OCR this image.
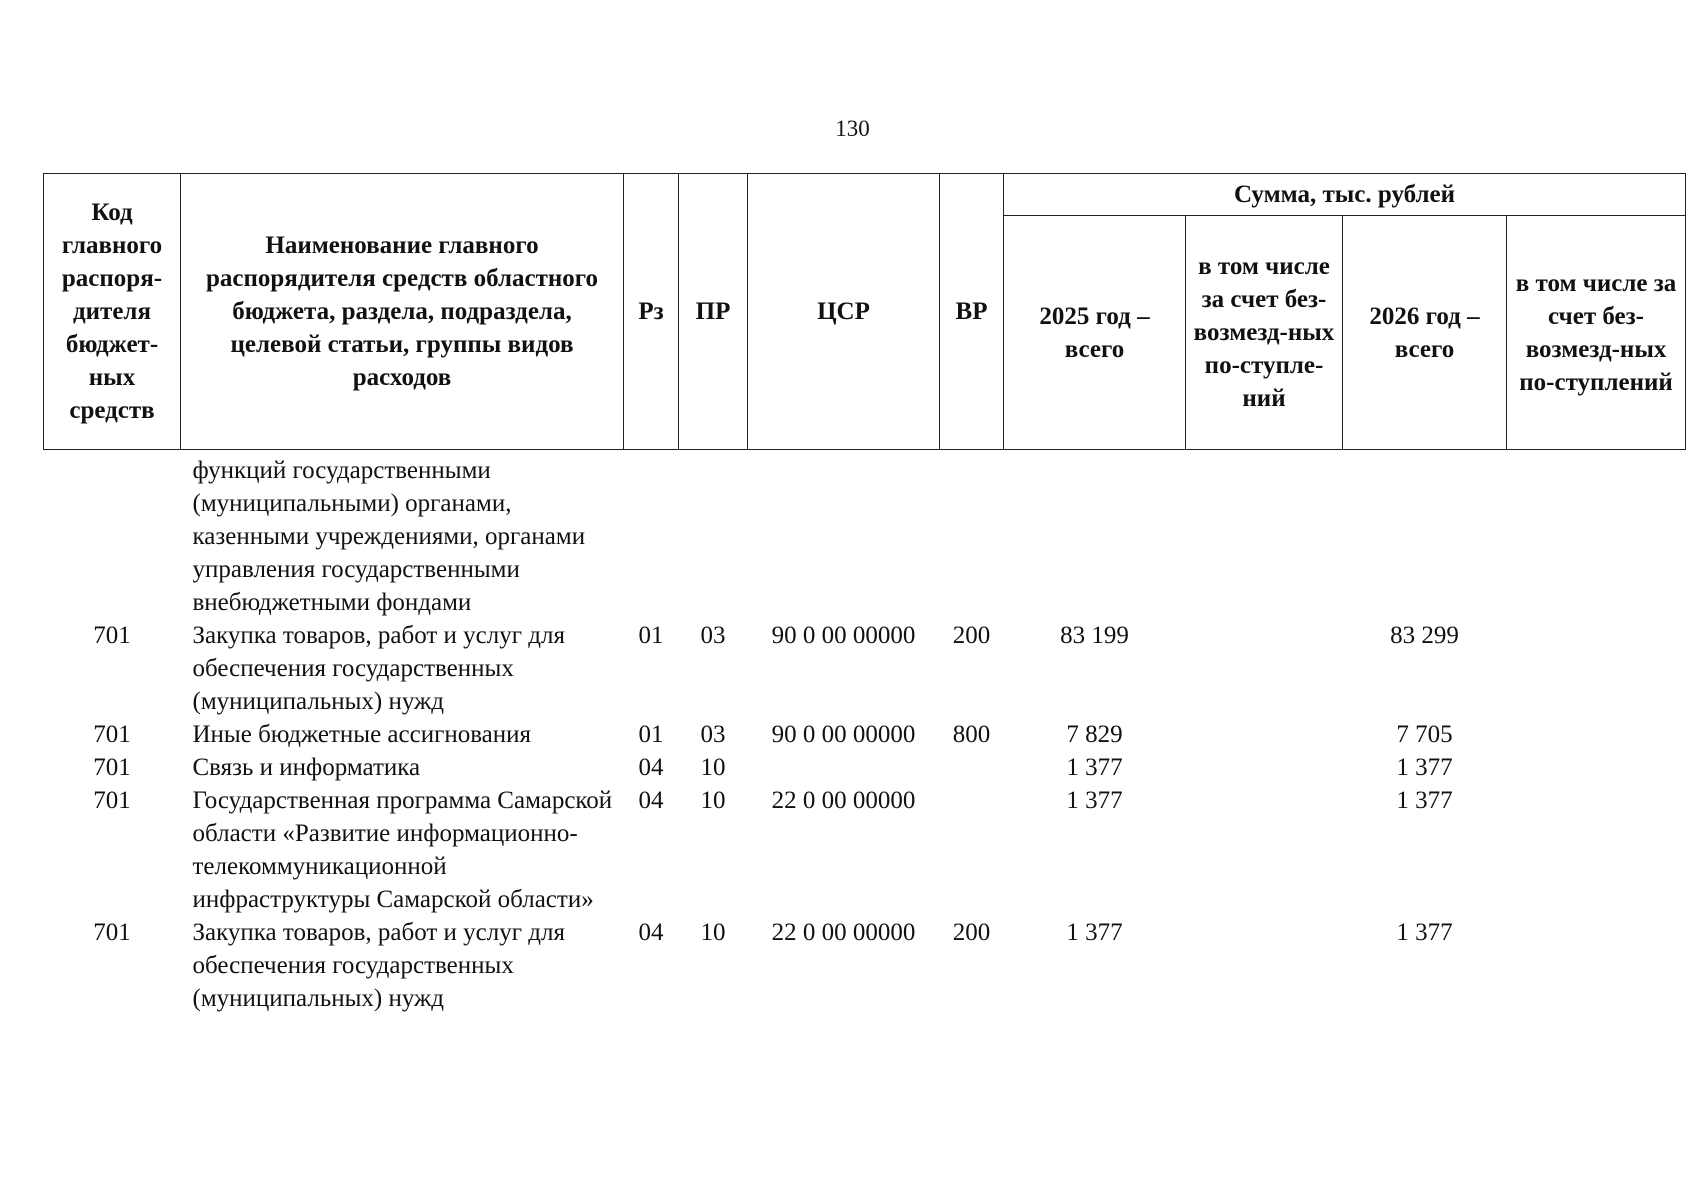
130
Код главного распоря-дителя бюджет-ных средств	Наименование главного распорядителя средств областного бюджета, раздела, подраздела, целевой статьи, группы видов расходов	Рз	ПР	ЦСР	ВР	Сумма, тыс. рублей			
						2025 год – всего	в том числе за счет без-возмезд-ных по-ступле-ний	2026 год – всего	в том числе за счет без-возмезд-ных по-ступлений
	функций государственными (муниципальными) органами, казенными учреждениями, органами управления государственными внебюджетными фондами								
701	Закупка товаров, работ и услуг для обеспечения государственных (муниципальных) нужд	01	03	90 0 00 00000	200	83 199		83 299	
701	Иные бюджетные ассигнования	01	03	90 0 00 00000	800	7 829		7 705	
701	Связь и информатика	04	10			1 377		1 377	
701	Государственная программа Самарской области «Развитие информационно-телекоммуникационной инфраструктуры Самарской области»	04	10	22 0 00 00000		1 377		1 377	
701	Закупка товаров, работ и услуг для обеспечения государственных (муниципальных) нужд	04	10	22 0 00 00000	200	1 377		1 377	
